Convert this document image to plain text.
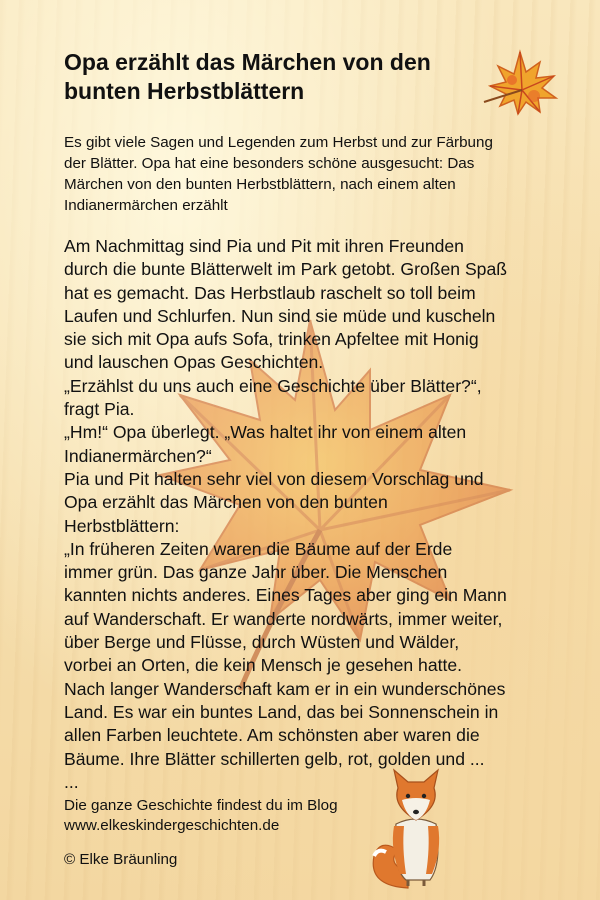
Opa erzählt das Märchen von den
bunten Herbstblättern

Es gibt viele Sagen und Legenden zum Herbst und zur Färbung
der Blätter. Opa hat eine besonders schöne ausgesucht: Das
Märchen von den bunten Herbstblättern, nach einem alten
Indianermärchen erzählt

Am Nachmittag sind Pia und Pit mit ihren Freunden

durch die bunte Blätterwelt im Park getobt. Großen Spaß

hat es gemacht. Das Herbstlaub raschelt so toll beim

Laufen und Schlurfen. Nun sind sie müde und kuscheln

sie sich mit Opa aufs Sofa, trinken Apfeltee mit Honig

und lauschen Opas Geschichten.

„Erzählst du uns auch eine Geschichte über Blätter?“,

fragt Pia.

„Hm!“ Opa überlegt. „Was haltet ihr von einem alten

Indianermärchen?“

Pia und Pit halten sehr viel von diesem Vorschlag und

Opa erzählt das Märchen von den bunten

Herbstblättern:

„In früheren Zeiten waren die Bäume auf der Erde

immer grün. Das ganze Jahr über. Die Menschen

kannten nichts anderes. Eines Tages aber ging ein Mann

auf Wanderschaft. Er wanderte nordwärts, immer weiter,

über Berge und Flüsse, durch Wüsten und Wälder,

vorbei an Orten, die kein Mensch je gesehen hatte.

Nach langer Wanderschaft kam er in ein wunderschönes

Land. Es war ein buntes Land, das bei Sonnenschein in

allen Farben leuchtete. Am schönsten aber waren die

Bäume. Ihre Blätter schillerten gelb, rot, golden und ...

...

Die ganze Geschichte findest du im Blog

www.elkeskindergeschichten.de

© Elke Bräunling
